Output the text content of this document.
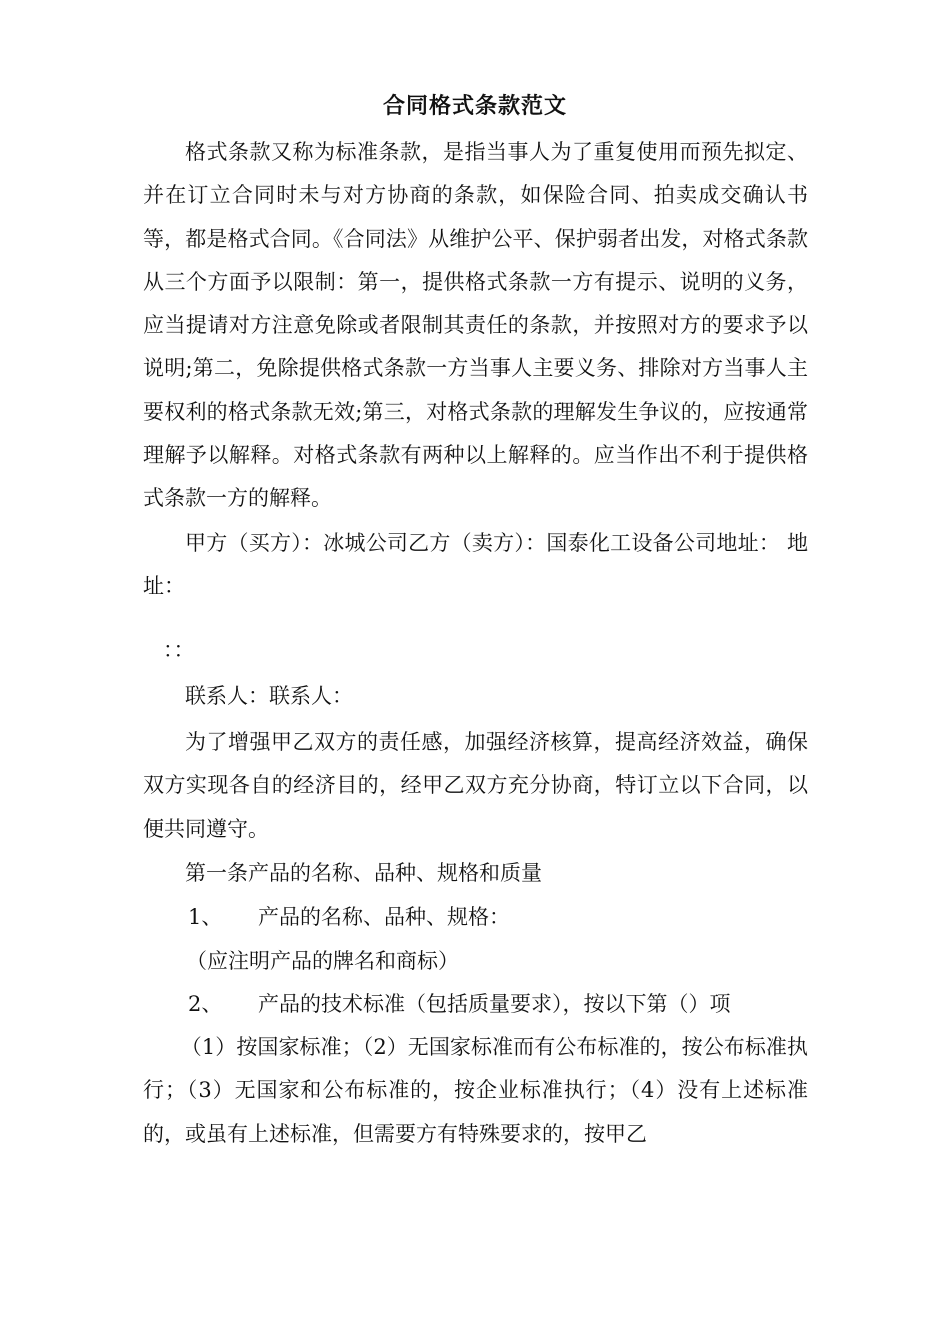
合同格式条款范文
格式条款又称为标准条款，是指当事人为了重复使用而预先拟定、并在订立合同时未与对方协商的条款，如保险合同、拍卖成交确认书等，都是格式合同。《合同法》从维护公平、保护弱者出发，对格式条款从三个方面予以限制：第一，提供格式条款一方有提示、说明的义务，应当提请对方注意免除或者限制其责任的条款，并按照对方的要求予以说明;第二，免除提供格式条款一方当事人主要义务、排除对方当事人主要权利的格式条款无效;第三，对格式条款的理解发生争议的，应按通常理解予以解释。对格式条款有两种以上解释的。应当作出不利于提供格式条款一方的解释。
甲方（买方）：冰城公司乙方（卖方）：国泰化工设备公司地址： 地址：
：：
联系人：联系人：
为了增强甲乙双方的责任感，加强经济核算，提高经济效益，确保双方实现各自的经济目的，经甲乙双方充分协商，特订立以下合同，以便共同遵守。
第一条产品的名称、品种、规格和质量
1、 产品的名称、品种、规格：
（应注明产品的牌名和商标）
2、 产品的技术标准（包括质量要求），按以下第（）项
（1）按国家标准；（2）无国家标准而有公布标准的，按公布标准执 行；（3）无国家和公布标准的，按企业标准执行；（4）没有上述标准 的，或虽有上述标准，但需要方有特殊要求的，按甲乙
